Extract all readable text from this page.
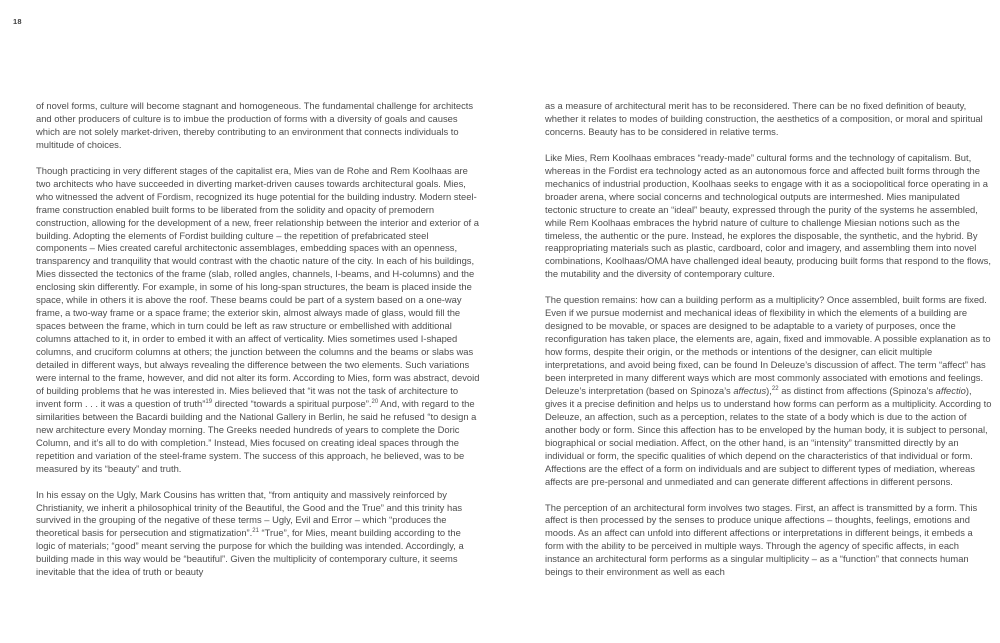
18

of novel forms, culture will become stagnant and homogeneous. The fundamental challenge for architects and other producers of culture is to imbue the production of forms with a diversity of goals and causes which are not solely market-driven, thereby contributing to an environment that connects individuals to multitude of choices.

Though practicing in very different stages of the capitalist era, Mies van de Rohe and Rem Koolhaas are two architects who have succeeded in diverting market-driven causes towards architectural goals. Mies, who witnessed the advent of Fordism, recognized its huge potential for the building industry. Modern steel-frame construction enabled built forms to be liberated from the solidity and opacity of premodern construction, allowing for the development of a new, freer relationship between the interior and exterior of a building. Adopting the elements of Fordist building culture – the repetition of prefabricated steel components – Mies created careful architectonic assemblages, embedding spaces with an openness, transparency and tranquility that would contrast with the chaotic nature of the city. In each of his buildings, Mies dissected the tectonics of the frame (slab, rolled angles, channels, I-beams, and H-columns) and the enclosing skin differently. For example, in some of his long-span structures, the beam is placed inside the space, while in others it is above the roof. These beams could be part of a system based on a one-way frame, a two-way frame or a space frame; the exterior skin, almost always made of glass, would fill the spaces between the frame, which in turn could be left as raw structure or embellished with additional columns attached to it, in order to embed it with an affect of verticality. Mies sometimes used I-shaped columns, and cruciform columns at others; the junction between the columns and the beams or slabs was detailed in different ways, but always revealing the difference between the two elements. Such variations were internal to the frame, however, and did not alter its form. According to Mies, form was abstract, devoid of building problems that he was interested in. Mies believed that “it was not the task of architecture to invent form . . . it was a question of truth”$^{19}$ directed “towards a spiritual purpose”.$^{20}$ And, with regard to the similarities between the Bacardi building and the National Gallery in Berlin, he said he refused “to design a new architecture every Monday morning. The Greeks needed hundreds of years to complete the Doric Column, and it’s all to do with completion.” Instead, Mies focused on creating ideal spaces through the repetition and variation of the steel-frame system. The success of this approach, he believed, was to be measured by its “beauty” and truth.

In his essay on the Ugly, Mark Cousins has written that, “from antiquity and massively reinforced by Christianity, we inherit a philosophical trinity of the Beautiful, the Good and the True” and this trinity has survived in the grouping of the negative of these terms – Ugly, Evil and Error – which “produces the theoretical basis for persecution and stigmatization”.$^{21}$ “True”, for Mies, meant building according to the logic of materials; “good” meant serving the purpose for which the building was intended. Accordingly, a building made in this way would be “beautiful”. Given the multiplicity of contemporary culture, it seems inevitable that the idea of truth or beauty

as a measure of architectural merit has to be reconsidered. There can be no fixed definition of beauty, whether it relates to modes of building construction, the aesthetics of a composition, or moral and spiritual concerns. Beauty has to be considered in relative terms.

Like Mies, Rem Koolhaas embraces “ready-made” cultural forms and the technology of capitalism. But, whereas in the Fordist era technology acted as an autonomous force and affected built forms through the mechanics of industrial production, Koolhaas seeks to engage with it as a sociopolitical force operating in a broader arena, where social concerns and technological outputs are intermeshed. Mies manipulated tectonic structure to create an “ideal” beauty, expressed through the purity of the systems he assembled, while Rem Koolhaas embraces the hybrid nature of culture to challenge Miesian notions such as the timeless, the authentic or the pure. Instead, he explores the disposable, the synthetic, and the hybrid. By reappropriating materials such as plastic, cardboard, color and imagery, and assembling them into novel combinations, Koolhaas/OMA have challenged ideal beauty, producing built forms that respond to the flows, the mutability and the diversity of contemporary culture.

The question remains: how can a building perform as a multiplicity? Once assembled, built forms are fixed. Even if we pursue modernist and mechanical ideas of flexibility in which the elements of a building are designed to be movable, or spaces are designed to be adaptable to a variety of purposes, once the reconfiguration has taken place, the elements are, again, fixed and immovable. A possible explanation as to how forms, despite their origin, or the methods or intentions of the designer, can elicit multiple interpretations, and avoid being fixed, can be found In Deleuze’s discussion of affect. The term “affect” has been interpreted in many different ways which are most commonly associated with emotions and feelings. Deleuze’s interpretation (based on Spinoza’s affectus),$^{22}$ as distinct from affections (Spinoza’s affectio), gives it a precise definition and helps us to understand how forms can perform as a multiplicity. According to Deleuze, an affection, such as a perception, relates to the state of a body which is due to the action of another body or form. Since this affection has to be enveloped by the human body, it is subject to personal, biographical or social mediation. Affect, on the other hand, is an “intensity” transmitted directly by an individual or form, the specific qualities of which depend on the characteristics of that individual or form. Affections are the effect of a form on individuals and are subject to different types of mediation, whereas affects are pre-personal and unmediated and can generate different affections in different persons.

The perception of an architectural form involves two stages. First, an affect is transmitted by a form. This affect is then processed by the senses to produce unique affections – thoughts, feelings, emotions and moods. As an affect can unfold into different affections or interpretations in different beings, it embeds a form with the ability to be perceived in multiple ways. Through the agency of specific affects, in each instance an architectural form performs as a singular multiplicity – as a “function” that connects human beings to their environment as well as each
